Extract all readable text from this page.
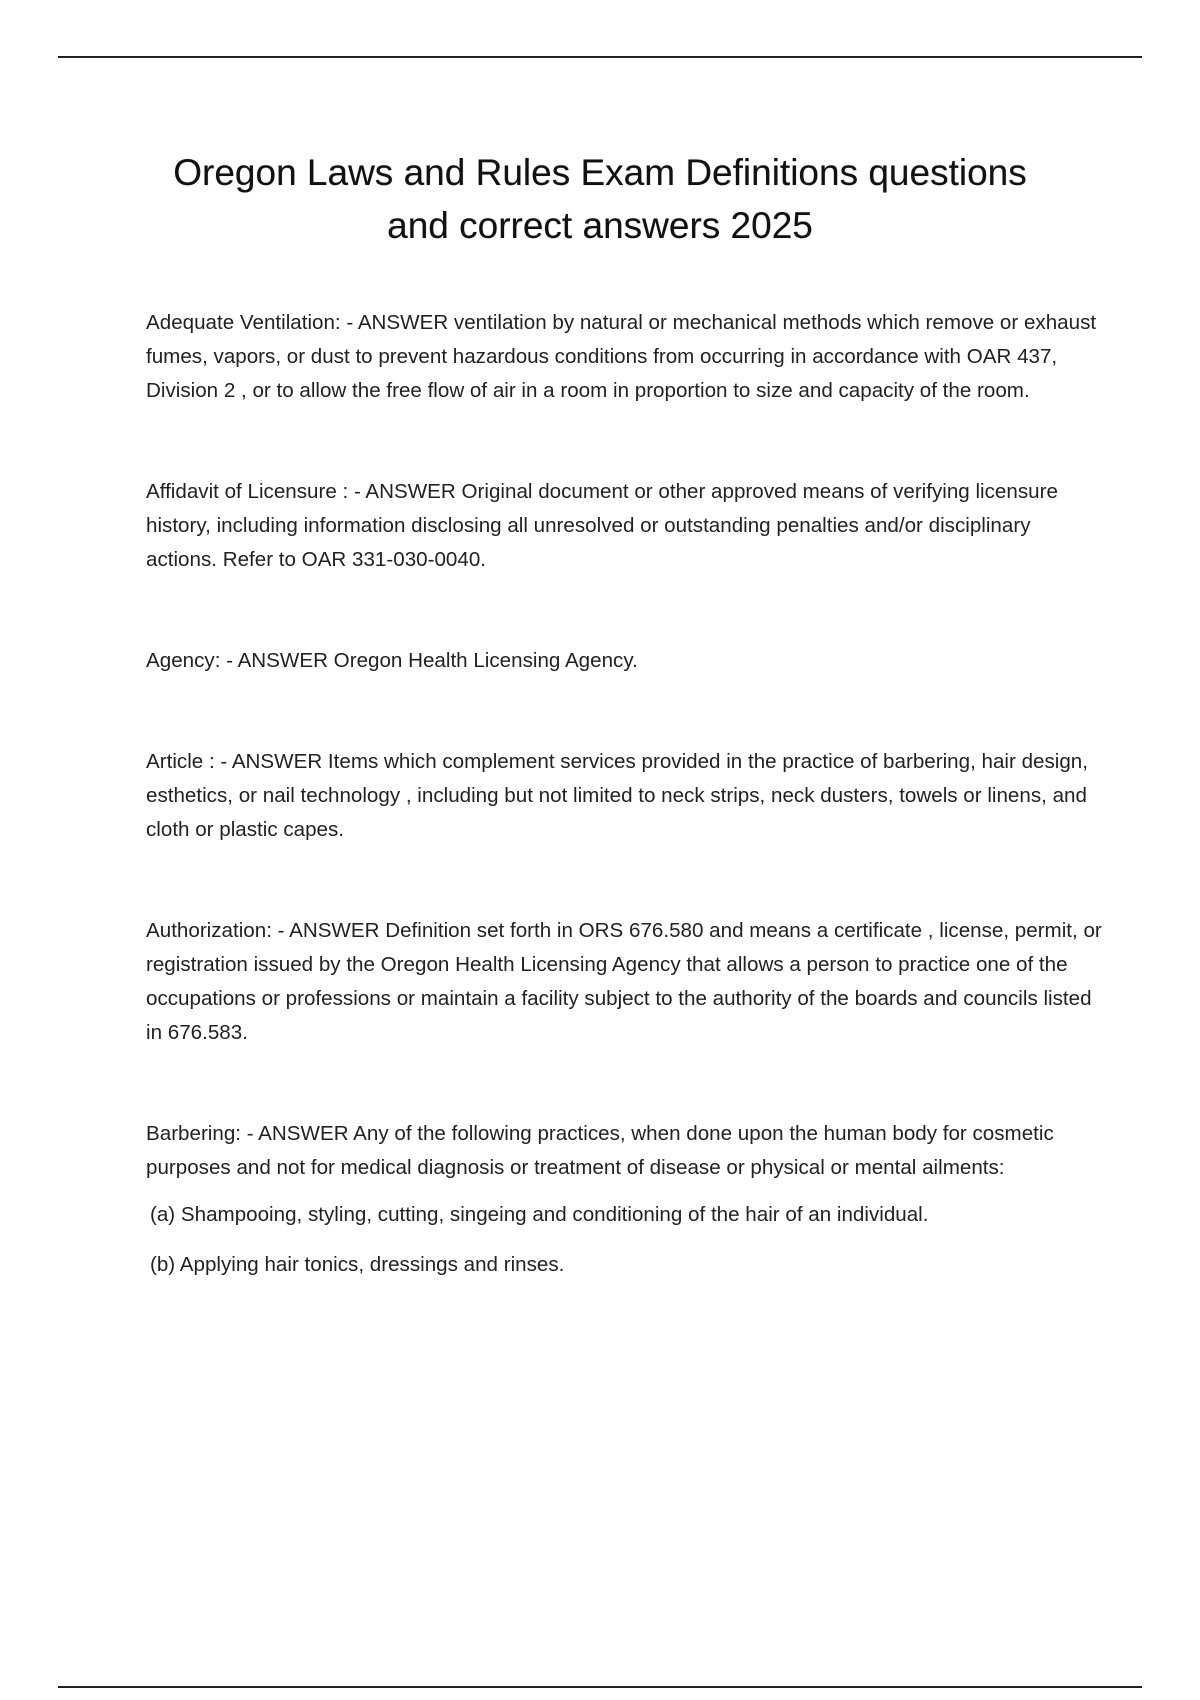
Oregon Laws and Rules Exam Definitions questions
and correct answers 2025

Adequate Ventilation: - ANSWER ventilation by natural or mechanical methods which remove or exhaust fumes, vapors, or dust to prevent hazardous conditions from occurring in accordance with OAR 437, Division 2 , or to allow the free flow of air in a room in proportion to size and capacity of the room.

Affidavit of Licensure : - ANSWER Original document or other approved means of verifying licensure history, including information disclosing all unresolved or outstanding penalties and/or disciplinary actions. Refer to OAR 331-030-0040.

Agency: - ANSWER Oregon Health Licensing Agency.

Article : - ANSWER Items which complement services provided in the practice of barbering, hair design, esthetics, or nail technology , including but not limited to neck strips, neck dusters, towels or linens, and cloth or plastic capes.

Authorization: - ANSWER Definition set forth in ORS 676.580 and means a certificate , license, permit, or registration issued by the Oregon Health Licensing Agency that allows a person to practice one of the occupations or professions or maintain a facility subject to the authority of the boards and councils listed in 676.583.

Barbering: - ANSWER Any of the following practices, when done upon the human body for cosmetic purposes and not for medical diagnosis or treatment of disease or physical or mental ailments:

(a) Shampooing, styling, cutting, singeing and conditioning of the hair of an individual.

(b) Applying hair tonics, dressings and rinses.
